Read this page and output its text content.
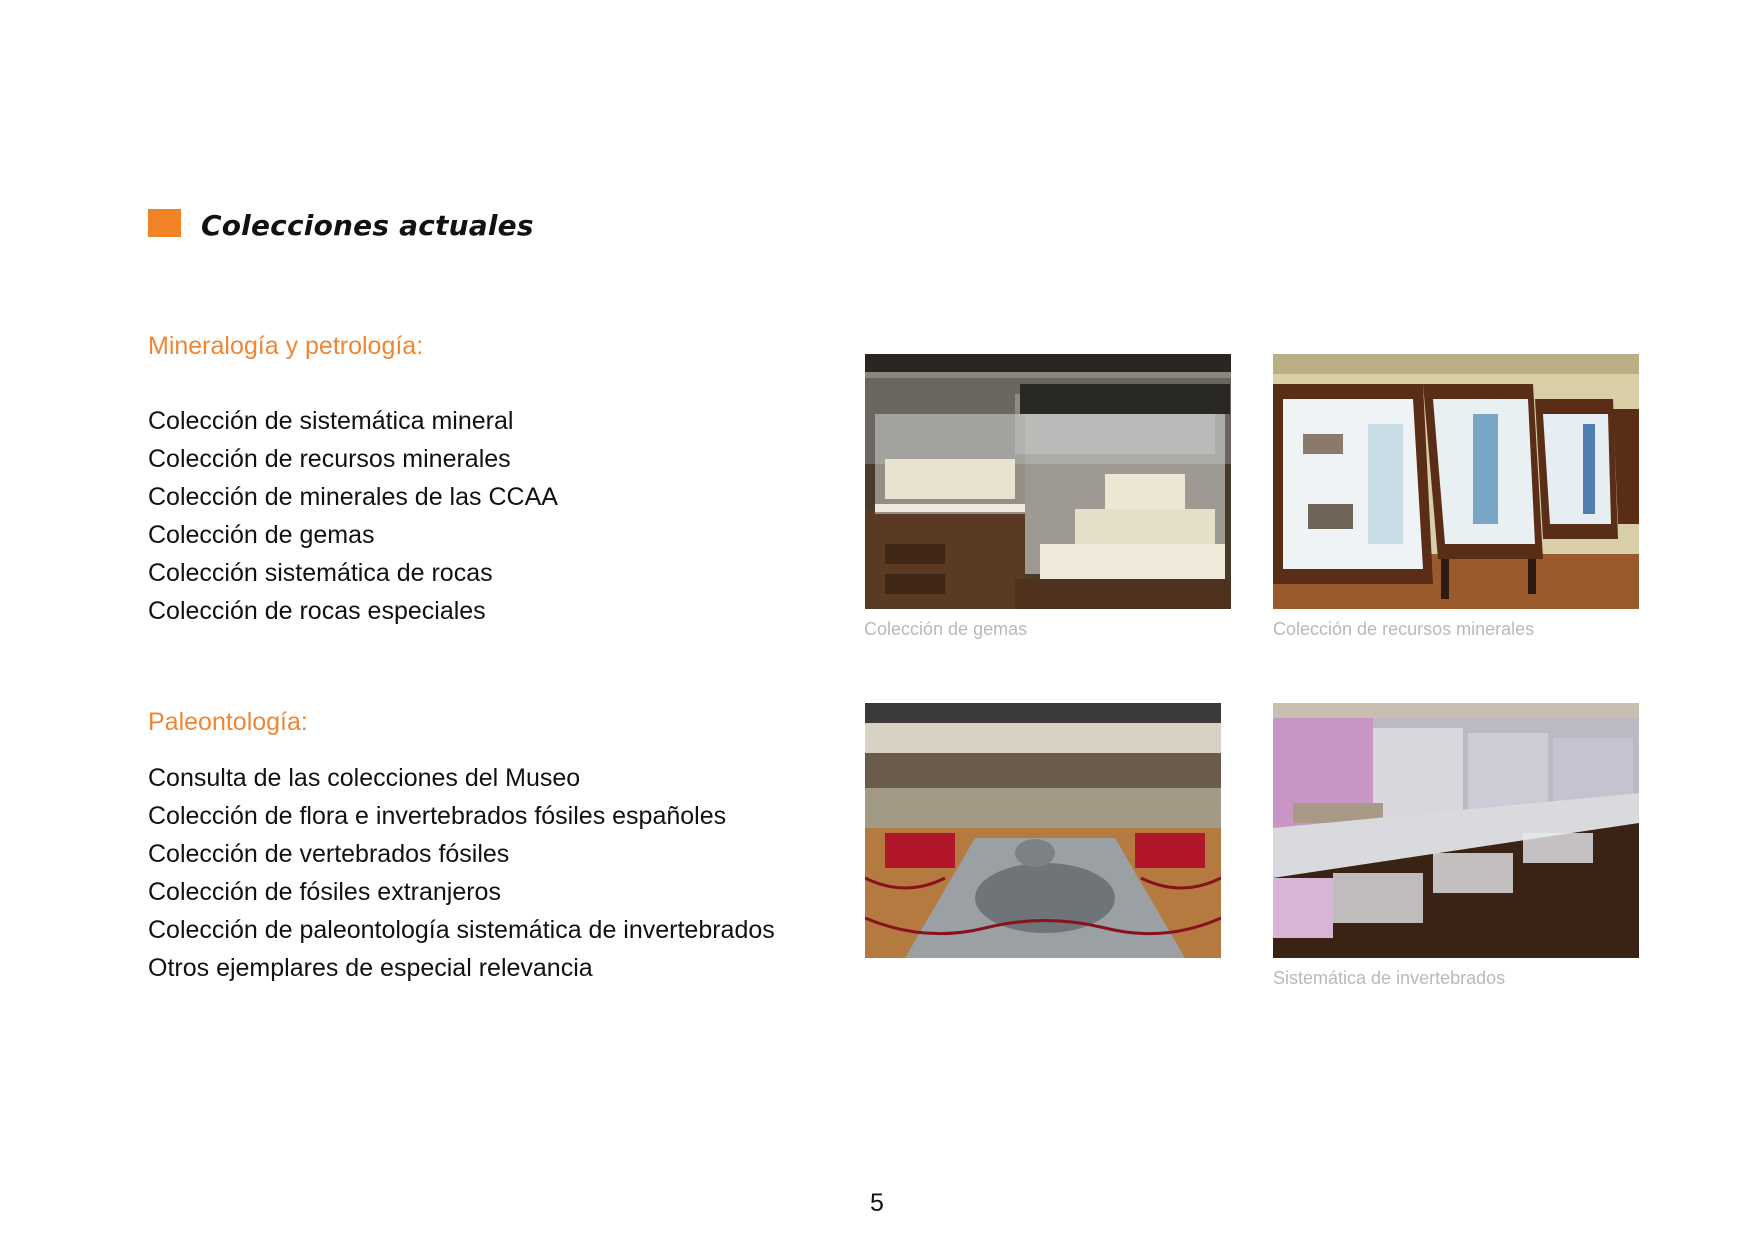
Colecciones actuales
Mineralogía y petrología:
Colección de sistemática mineral
Colección de recursos minerales
Colección de minerales de las CCAA
Colección de gemas
Colección sistemática de rocas
Colección de rocas especiales
Paleontología:
Consulta de las colecciones del Museo
Colección de flora e invertebrados fósiles españoles
Colección de vertebrados fósiles
Colección de fósiles extranjeros
Colección de paleontología sistemática de invertebrados
Otros ejemplares de especial relevancia

Colección de gemas	Colección de recursos minerales

Sistemática de invertebrados

5
